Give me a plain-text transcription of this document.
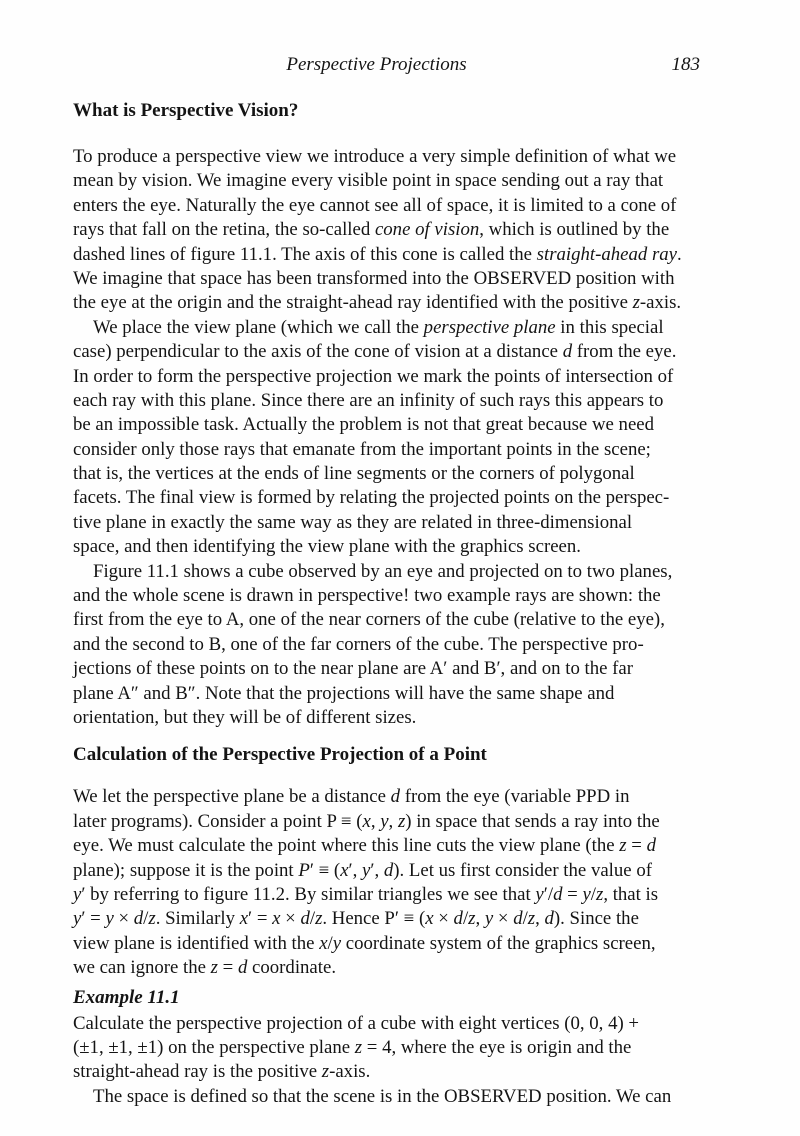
Perspective Projections	183
What is Perspective Vision?
To produce a perspective view we introduce a very simple definition of what we
mean by vision. We imagine every visible point in space sending out a ray that
enters the eye. Naturally the eye cannot see all of space, it is limited to a cone of
rays that fall on the retina, the so-called cone of vision, which is outlined by the
dashed lines of figure 11.1. The axis of this cone is called the straight-ahead ray.
We imagine that space has been transformed into the OBSERVED position with
the eye at the origin and the straight-ahead ray identified with the positive z-axis.
We place the view plane (which we call the perspective plane in this special
case) perpendicular to the axis of the cone of vision at a distance d from the eye.
In order to form the perspective projection we mark the points of intersection of
each ray with this plane. Since there are an infinity of such rays this appears to
be an impossible task. Actually the problem is not that great because we need
consider only those rays that emanate from the important points in the scene;
that is, the vertices at the ends of line segments or the corners of polygonal
facets. The final view is formed by relating the projected points on the perspec-
tive plane in exactly the same way as they are related in three-dimensional
space, and then identifying the view plane with the graphics screen.
Figure 11.1 shows a cube observed by an eye and projected on to two planes,
and the whole scene is drawn in perspective! two example rays are shown: the
first from the eye to A, one of the near corners of the cube (relative to the eye),
and the second to B, one of the far corners of the cube. The perspective pro-
jections of these points on to the near plane are A′ and B′, and on to the far
plane A″ and B″. Note that the projections will have the same shape and
orientation, but they will be of different sizes.
Calculation of the Perspective Projection of a Point
We let the perspective plane be a distance d from the eye (variable PPD in
later programs). Consider a point P ≡ (x, y, z) in space that sends a ray into the
eye. We must calculate the point where this line cuts the view plane (the z = d
plane); suppose it is the point P′ ≡ (x′, y′, d). Let us first consider the value of
y′ by referring to figure 11.2. By similar triangles we see that y′/d = y/z, that is
y′ = y × d/z. Similarly x′ = x × d/z. Hence P′ ≡ (x × d/z, y × d/z, d). Since the
view plane is identified with the x/y coordinate system of the graphics screen,
we can ignore the z = d coordinate.
Example 11.1
Calculate the perspective projection of a cube with eight vertices (0, 0, 4) +
(±1, ±1, ±1) on the perspective plane z = 4, where the eye is origin and the
straight-ahead ray is the positive z-axis.
The space is defined so that the scene is in the OBSERVED position. We can
